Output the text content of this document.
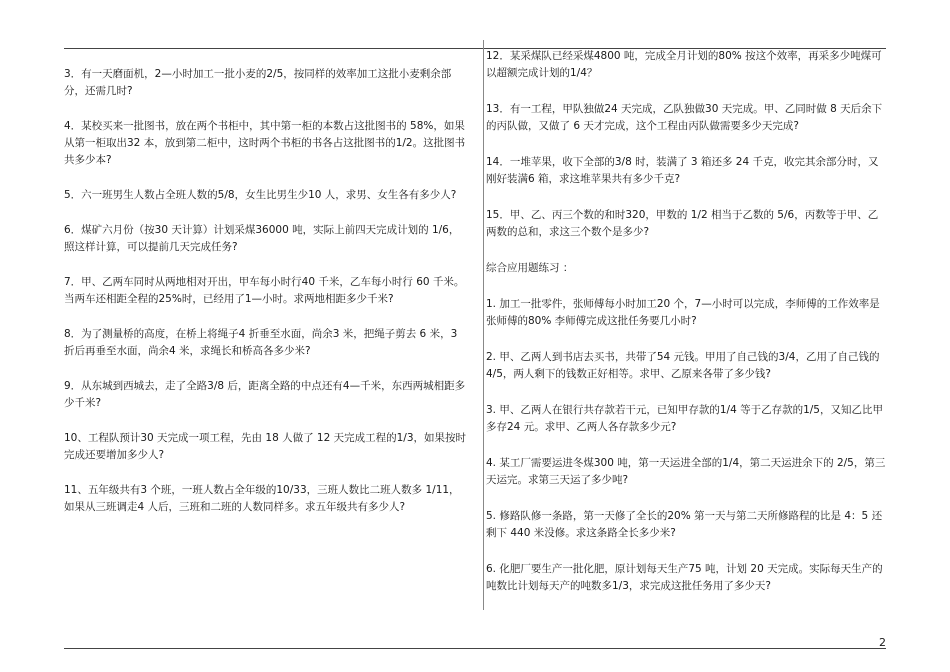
3．有一天磨面机，2—小时加工一批小麦的2/5，按同样的效率加工这批小麦剩余部分，还需几时?

4．某校买来一批图书，放在两个书柜中，其中第一柜的本数占这批图书的 58%，如果从第一柜取出32 本，放到第二柜中，这时两个书柜的书各占这批图书的1/2。这批图书共多少本?

5．六一班男生人数占全班人数的5/8，女生比男生少10 人，求男、女生各有多少人?

6．煤矿六月份（按30 天计算）计划采煤36000 吨，实际上前四天完成计划的 1/6，照这样计算，可以提前几天完成任务?

7．甲、乙两车同时从两地相对开出，甲车每小时行40 千米，乙车每小时行 60 千米。当两车还相距全程的25%时，已经用了1—小时。求两地相距多少千米?

8．为了测量桥的高度，在桥上将绳子4 折垂至水面，尚余3 米，把绳子剪去 6 米，3 折后再垂至水面，尚余4 米，求绳长和桥高各多少米?

9．从东城到西城去，走了全路3/8 后，距离全路的中点还有4—千米，东西两城相距多少千米?

10、工程队预计30 天完成一项工程，先由 18 人做了 12 天完成工程的1/3，如果按时完成还要增加多少人?

11、五年级共有3 个班，一班人数占全年级的10/33，三班人数比二班人数多 1/11，如果从三班调走4 人后，三班和二班的人数同样多。求五年级共有多少人?

12．某采煤队已经采煤4800 吨，完成全月计划的80% 按这个效率，再采多少吨煤可以超额完成计划的1/4？

13．有一工程，甲队独做24 天完成，乙队独做30 天完成。甲、乙同时做 8 天后余下的丙队做，又做了 6 天才完成，这个工程由丙队做需要多少天完成?

14．一堆苹果，收下全部的3/8 时，装满了 3 箱还多 24 千克，收完其余部分时，又刚好装满6 箱，求这堆苹果共有多少千克?

15．甲、乙、丙三个数的和时320，甲数的 1/2 相当于乙数的 5/6，丙数等于甲、乙两数的总和，求这三个数个是多少?

综合应用题练习 ：

1. 加工一批零件，张师傅每小时加工20 个，7—小时可以完成，李师傅的工作效率是张师傅的80% 李师傅完成这批任务要几小时?

2. 甲、乙两人到书店去买书，共带了54 元钱。甲用了自己钱的3/4，乙用了自己钱的4/5，两人剩下的钱数正好相等。求甲、乙原来各带了多少钱?

3. 甲、乙两人在银行共存款若干元，已知甲存款的1/4 等于乙存款的1/5，又知乙比甲多存24 元。求甲、乙两人各存款多少元?

4. 某工厂需要运进冬煤300 吨，第一天运进全部的1/4，第二天运进余下的 2/5，第三天运完。求第三天运了多少吨?

5. 修路队修一条路，第一天修了全长的20% 第一天与第二天所修路程的比是 4：5 还剩下 440 米没修。求这条路全长多少米?

6. 化肥厂要生产一批化肥，原计划每天生产75 吨，计划 20 天完成。实际每天生产的吨数比计划每天产的吨数多1/3，求完成这批任务用了多少天?

2
